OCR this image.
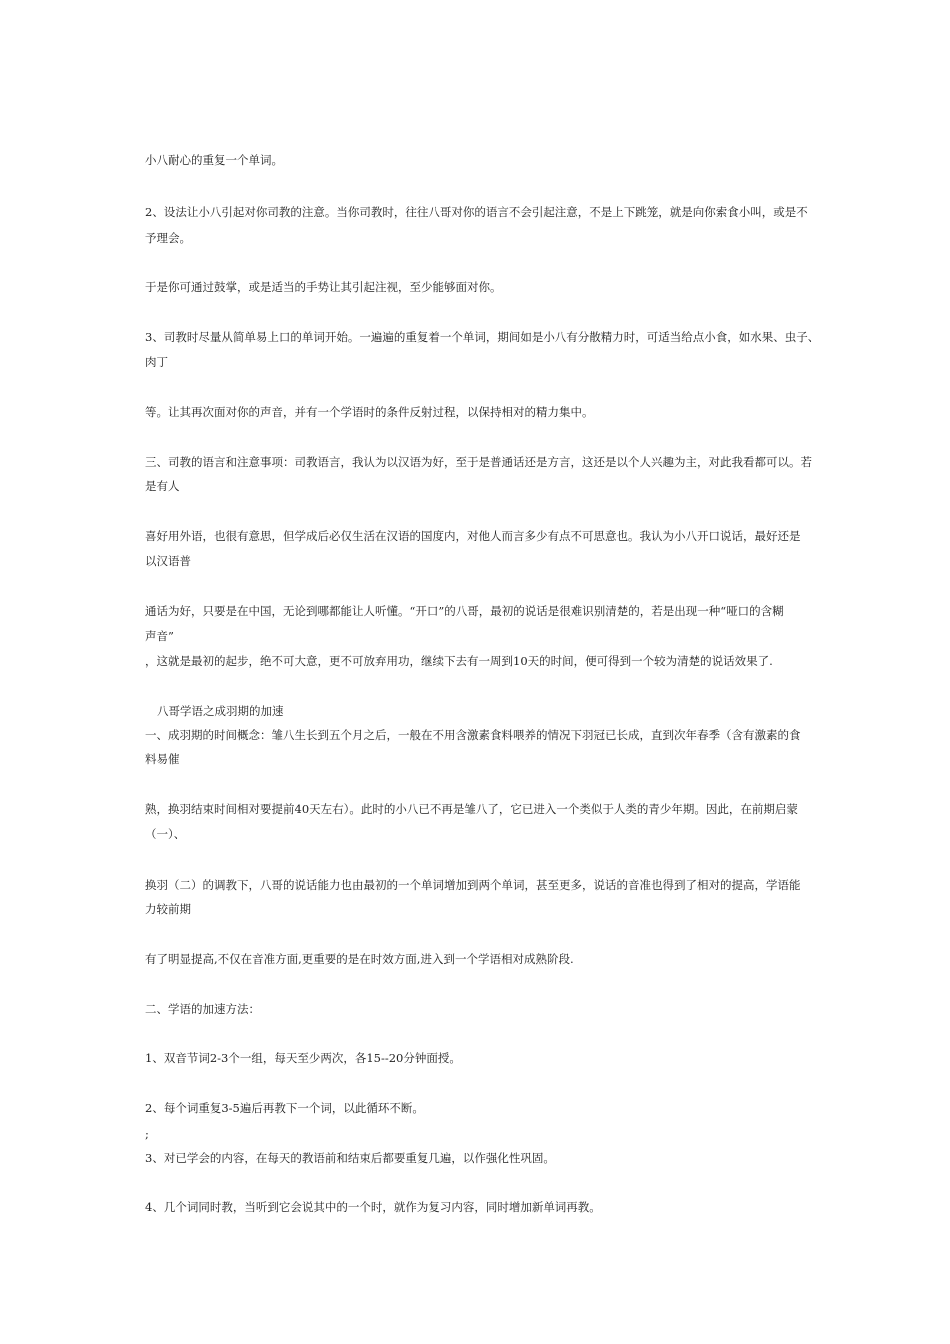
小八耐心的重复一个单词。
2、设法让小八引起对你司教的注意。当你司教时，往往八哥对你的语言不会引起注意，不是上下跳笼，就是向你索食小叫，或是不
予理会。
于是你可通过鼓掌，或是适当的手势让其引起注视，至少能够面对你。
3、司教时尽量从简单易上口的单词开始。一遍遍的重复着一个单词，期间如是小八有分散精力时，可适当给点小食，如水果、虫子、
肉丁
等。让其再次面对你的声音，并有一个学语时的条件反射过程，以保持相对的精力集中。
三、司教的语言和注意事项：司教语言，我认为以汉语为好，至于是普通话还是方言，这还是以个人兴趣为主，对此我看都可以。若
是有人
喜好用外语，也很有意思，但学成后必仅生活在汉语的国度内，对他人而言多少有点不可思意也。我认为小八开口说话，最好还是
以汉语普
通话为好，只要是在中国，无论到哪都能让人听懂。“开口”的八哥，最初的说话是很难识别清楚的，若是出现一种“哑口的含糊
声音”
，这就是最初的起步，绝不可大意，更不可放弃用功，继续下去有一周到10天的时间，便可得到一个较为清楚的说话效果了.
八哥学语之成羽期的加速
一、成羽期的时间概念：雏八生长到五个月之后，一般在不用含激素食料喂养的情况下羽冠已长成，直到次年春季（含有激素的食
料易催
熟，换羽结束时间相对要提前40天左右）。此时的小八已不再是雏八了，它已进入一个类似于人类的青少年期。因此，在前期启蒙
（一）、
换羽（二）的调教下，八哥的说话能力也由最初的一个单词增加到两个单词，甚至更多，说话的音准也得到了相对的提高，学语能
力较前期
有了明显提高,不仅在音准方面,更重要的是在时效方面,进入到一个学语相对成熟阶段.
二、学语的加速方法：
1、双音节词2-3个一组，每天至少两次，各15--20分钟面授。
2、每个词重复3-5遍后再教下一个词，以此循环不断。
;
3、对已学会的内容，在每天的教语前和结束后都要重复几遍，以作强化性巩固。
4、几个词同时教，当听到它会说其中的一个时，就作为复习内容，同时增加新单词再教。
